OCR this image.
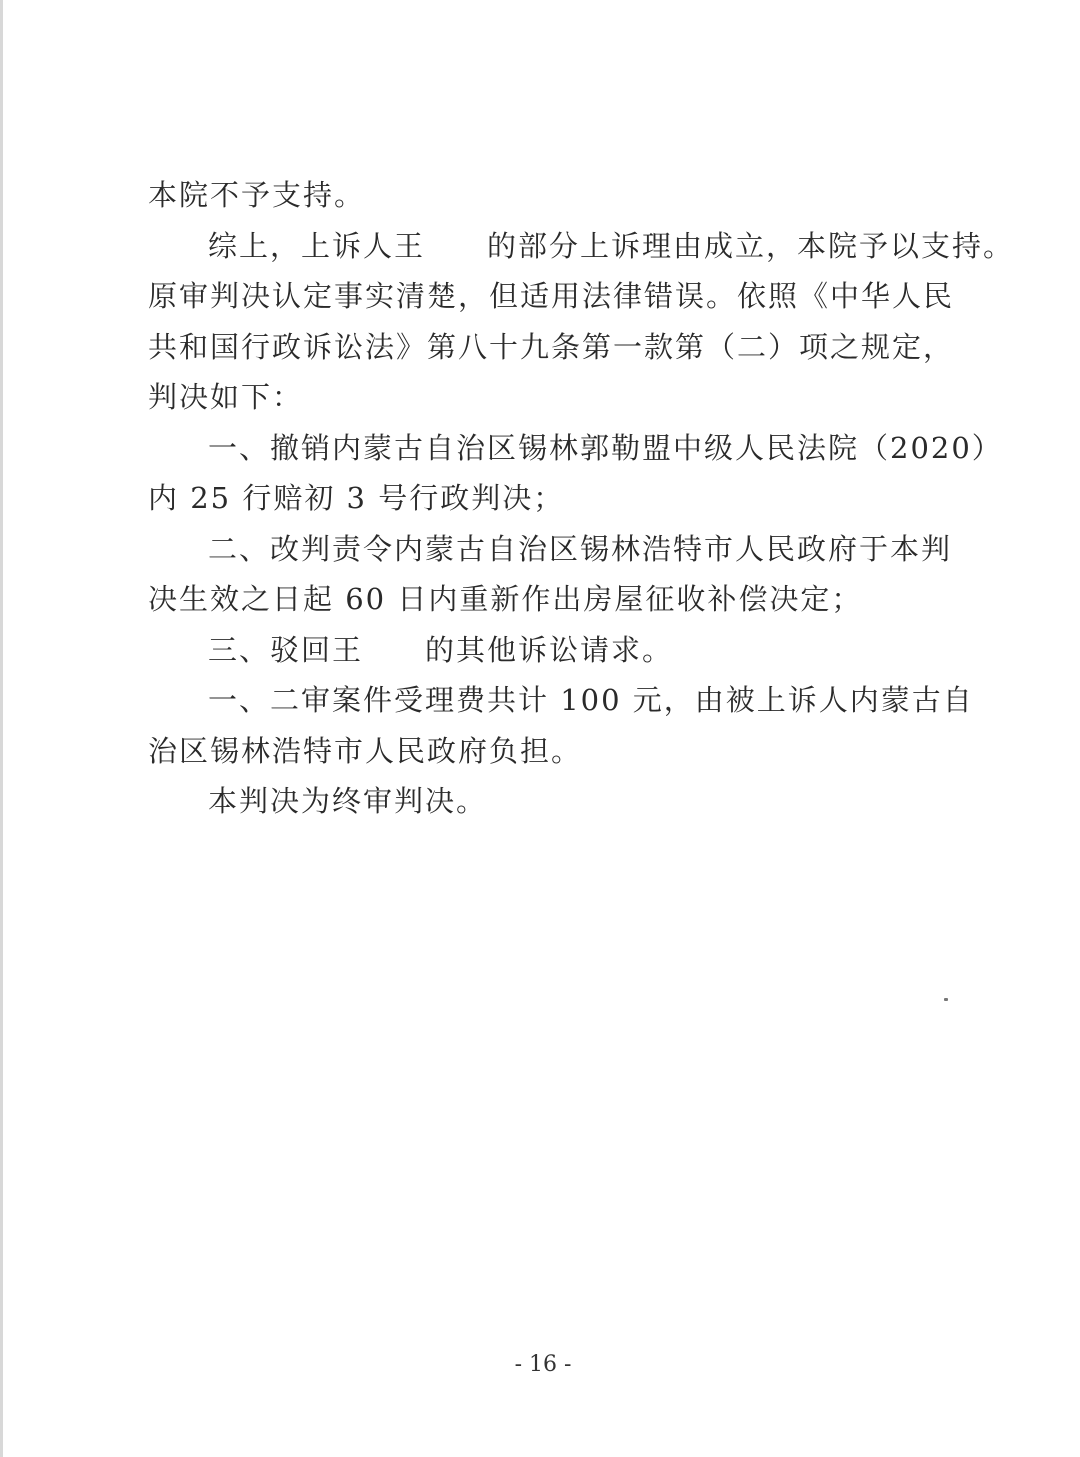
本院不予支持。
综上，上诉人王　　的部分上诉理由成立，本院予以支持。
原审判决认定事实清楚，但适用法律错误。依照《中华人民
共和国行政诉讼法》第八十九条第一款第（二）项之规定，
判决如下：
一、撤销内蒙古自治区锡林郭勒盟中级人民法院（2020）
内 25 行赔初 3 号行政判决；
二、改判责令内蒙古自治区锡林浩特市人民政府于本判
决生效之日起 60 日内重新作出房屋征收补偿决定；
三、驳回王　　的其他诉讼请求。
一、二审案件受理费共计 100 元，由被上诉人内蒙古自
治区锡林浩特市人民政府负担。
本判决为终审判决。
- 16 -
